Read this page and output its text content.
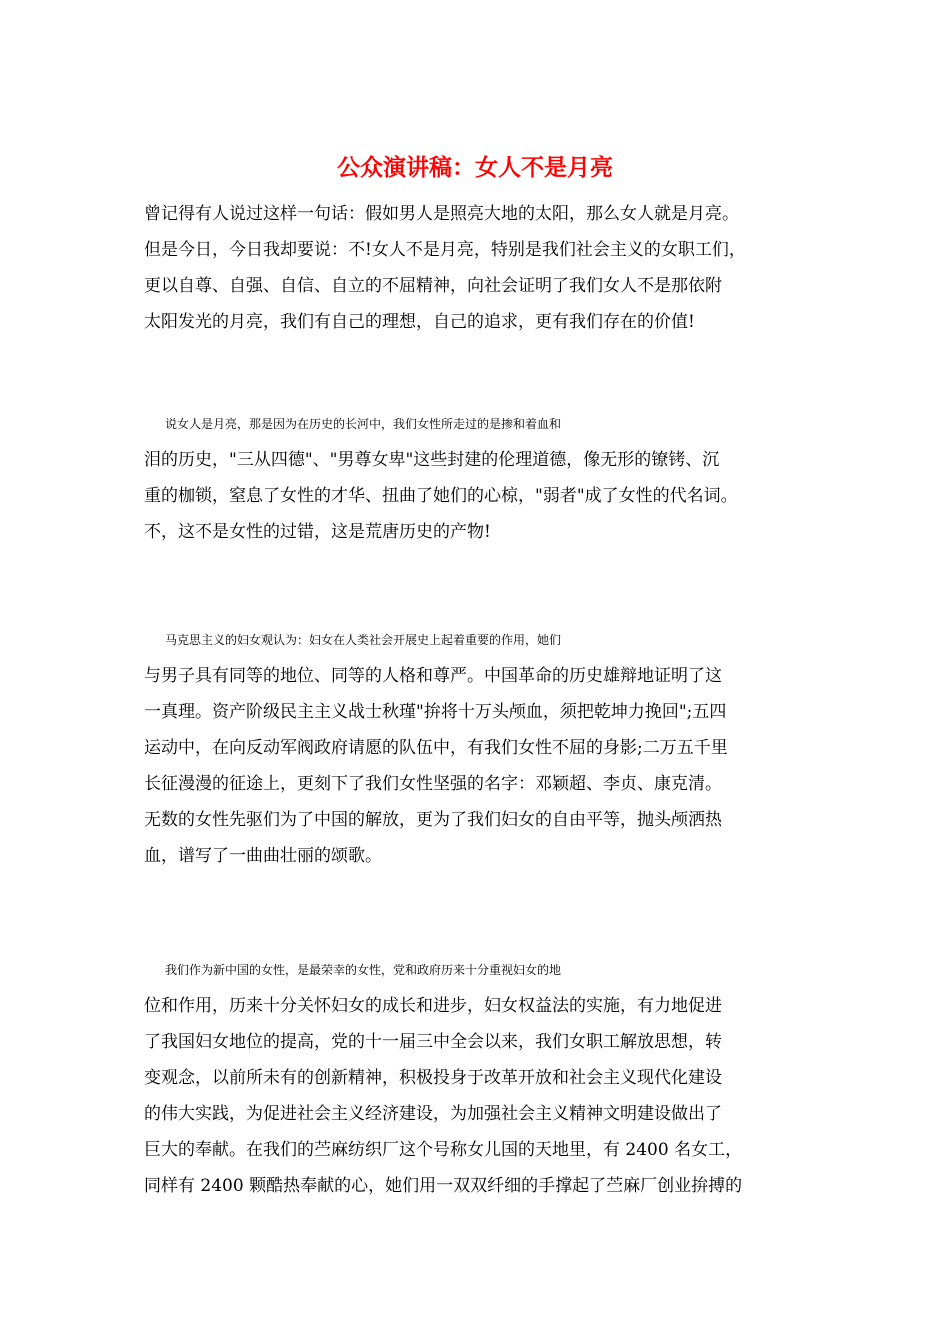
公众演讲稿：女人不是月亮

曾记得有人说过这样一句话：假如男人是照亮大地的太阳，那么女人就是月亮。
但是今日，今日我却要说：不!女人不是月亮，特别是我们社会主义的女职工们，
更以自尊、自强、自信、自立的不屈精神，向社会证明了我们女人不是那依附
太阳发光的月亮，我们有自己的理想，自己的追求，更有我们存在的价值!

说女人是月亮，那是因为在历史的长河中，我们女性所走过的是掺和着血和
泪的历史，"三从四德"、"男尊女卑"这些封建的伦理道德，像无形的镣铐、沉
重的枷锁，窒息了女性的才华、扭曲了她们的心椋，"弱者"成了女性的代名词。
不，这不是女性的过错，这是荒唐历史的产物!

马克思主义的妇女观认为：妇女在人类社会开展史上起着重要的作用，她们
与男子具有同等的地位、同等的人格和尊严。中国革命的历史雄辩地证明了这
一真理。资产阶级民主主义战士秋瑾"拚将十万头颅血，须把乾坤力挽回";五四
运动中，在向反动军阀政府请愿的队伍中，有我们女性不屈的身影;二万五千里
长征漫漫的征途上，更刻下了我们女性坚强的名字：邓颖超、李贞、康克清。
无数的女性先驱们为了中国的解放，更为了我们妇女的自由平等，抛头颅洒热
血，谱写了一曲曲壮丽的颂歌。

我们作为新中国的女性，是最荣幸的女性，党和政府历来十分重视妇女的地
位和作用，历来十分关怀妇女的成长和进步，妇女权益法的实施，有力地促进
了我国妇女地位的提高，党的十一届三中全会以来，我们女职工解放思想，转
变观念，以前所未有的创新精神，积极投身于改革开放和社会主义现代化建设
的伟大实践，为促进社会主义经济建设，为加强社会主义精神文明建设做出了
巨大的奉献。在我们的苎麻纺织厂这个号称女儿国的天地里，有 2400 名女工，
同样有 2400 颗酷热奉献的心，她们用一双双纤细的手撑起了苎麻厂创业拚搏的
